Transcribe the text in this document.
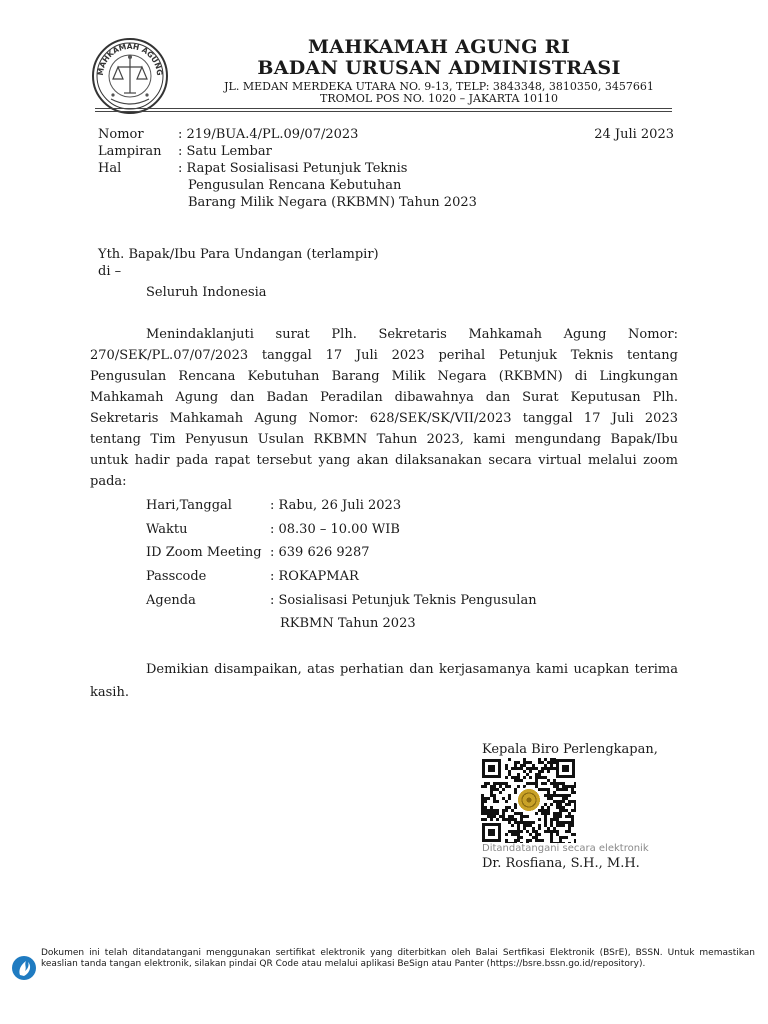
MAHKAMAH AGUNG
MAHKAMAH AGUNG RI
BADAN URUSAN ADMINISTRASI
JL. MEDAN MERDEKA UTARA NO. 9-13, TELP: 3843348, 3810350, 3457661
TROMOL POS NO. 1020 – JAKARTA 10110
Nomor	: 219/BUA.4/PL.09/07/2023	24 Juli 2023
Lampiran : Satu Lembar
Hal	: Rapat Sosialisasi Petunjuk Teknis
Pengusulan Rencana Kebutuhan
Barang Milik Negara (RKBMN) Tahun 2023
Yth. Bapak/Ibu Para Undangan (terlampir)
di –
Seluruh Indonesia
Menindaklanjuti surat Plh. Sekretaris Mahkamah Agung Nomor:
270/SEK/PL.07/07/2023 tanggal 17 Juli 2023 perihal Petunjuk Teknis tentang
Pengusulan Rencana Kebutuhan Barang Milik Negara (RKBMN) di Lingkungan
Mahkamah Agung dan Badan Peradilan dibawahnya dan Surat Keputusan Plh.
Sekretaris Mahkamah Agung Nomor: 628/SEK/SK/VII/2023 tanggal 17 Juli 2023
tentang Tim Penyusun Usulan RKBMN Tahun 2023, kami mengundang Bapak/Ibu
untuk hadir pada rapat tersebut yang akan dilaksanakan secara virtual melalui zoom
pada:
Hari,Tanggal	: Rabu, 26 Juli 2023
Waktu	: 08.30 – 10.00 WIB
ID Zoom Meeting : 639 626 9287
Passcode	: ROKAPMAR
Agenda	: Sosialisasi Petunjuk Teknis Pengusulan
RKBMN Tahun 2023
Demikian disampaikan, atas perhatian dan kerjasamanya kami ucapkan terima
kasih.
Kepala Biro Perlengkapan,
Ditandatangani secara elektronik
Dr. Rosfiana, S.H., M.H.
Dokumen ini telah ditandatangani menggunakan sertifikat elektronik yang diterbitkan oleh Balai Sertfikasi Elektronik (BSrE), BSSN. Untuk memastikan keaslian tanda tangan elektronik, silakan pindai QR Code atau melalui aplikasi BeSign atau Panter (https://bsre.bssn.go.id/repository).
